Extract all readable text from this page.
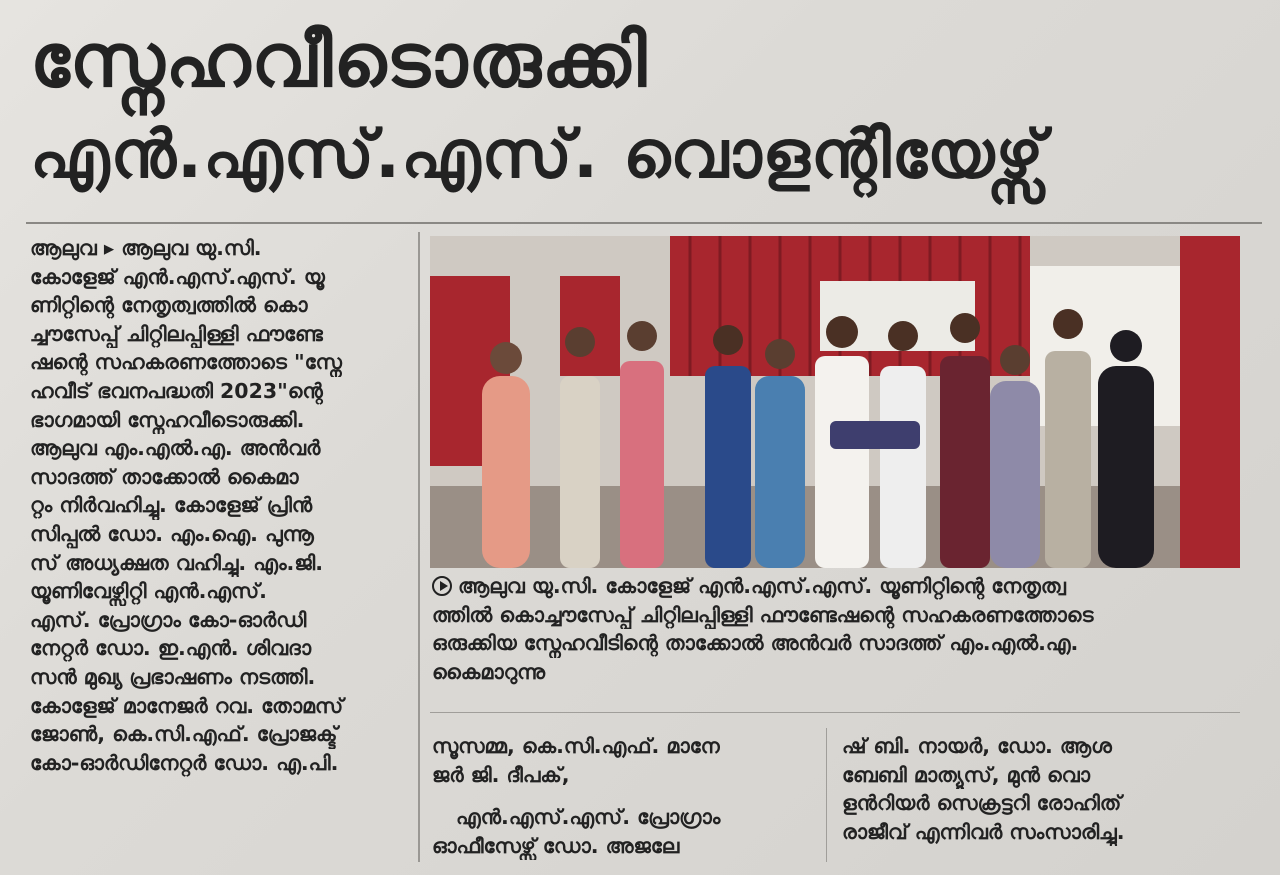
സ്നേഹവീടൊരുക്കി
എൻ.എസ്.എസ്. വൊളന്റിയേഴ്സ്

ആലുവ ▸ ആലുവ യു.സി.

കോളേജ് എൻ.എസ്.എസ്. യൂ

ണിറ്റിന്റെ നേതൃത്വത്തിൽ കൊ

ച്ചൗസേപ്പ് ചിറ്റിലപ്പിള്ളി ഫൗണ്ടേ

ഷന്റെ സഹകരണത്തോടെ "സ്നേ

ഹവീട് ഭവനപദ്ധതി 2023"ന്റെ

ഭാഗമായി സ്നേഹവീടൊരുക്കി.

ആലുവ എം.എൽ.എ. അൻവർ

സാദത്ത് താക്കോൽ കൈമാ

റ്റം നിർവഹിച്ചു. കോളേജ് പ്രിൻ

സിപ്പൽ ഡോ. എം.ഐ. പുന്നൂ

സ് അധ്യക്ഷത വഹിച്ചു. എം.ജി.

യൂണിവേഴ്സിറ്റി എൻ.എസ്.

എസ്. പ്രോഗ്രാം കോ-ഓർഡി

നേറ്റർ ഡോ. ഇ.എൻ. ശിവദാ

സൻ മുഖ്യ പ്രഭാഷണം നടത്തി.

കോളേജ് മാനേജർ റവ. തോമസ്

ജോൺ, കെ.സി.എഫ്. പ്രോജക്ട്

കോ-ഓർഡിനേറ്റർ ഡോ. എ.പി.

ആലുവ യു.സി. കോളേജ് എൻ.എസ്.എസ്. യൂണിറ്റിന്റെ നേതൃത്വ

ത്തിൽ കൊച്ചൗസേപ്പ് ചിറ്റിലപ്പിള്ളി ഫൗണ്ടേഷന്റെ സഹകരണത്തോടെ

ഒരുക്കിയ സ്നേഹവീടിന്റെ താക്കോൽ അൻവർ സാദത്ത് എം.എൽ.എ.

കൈമാറുന്നു

സൂസമ്മ, കെ.സി.എഫ്. മാനേ

ജർ ജി. ദീപക്,

എൻ.എസ്.എസ്. പ്രോഗ്രാം

ഓഫീസേഴ്സ് ഡോ. അജലേ

ഷ് ബി. നായർ, ഡോ. ആശ

ബേബി മാത്യൂസ്, മുൻ വൊ

ളൻറിയർ സെക്രട്ടറി രോഹിത്

രാജീവ് എന്നിവർ സംസാരിച്ചു.
